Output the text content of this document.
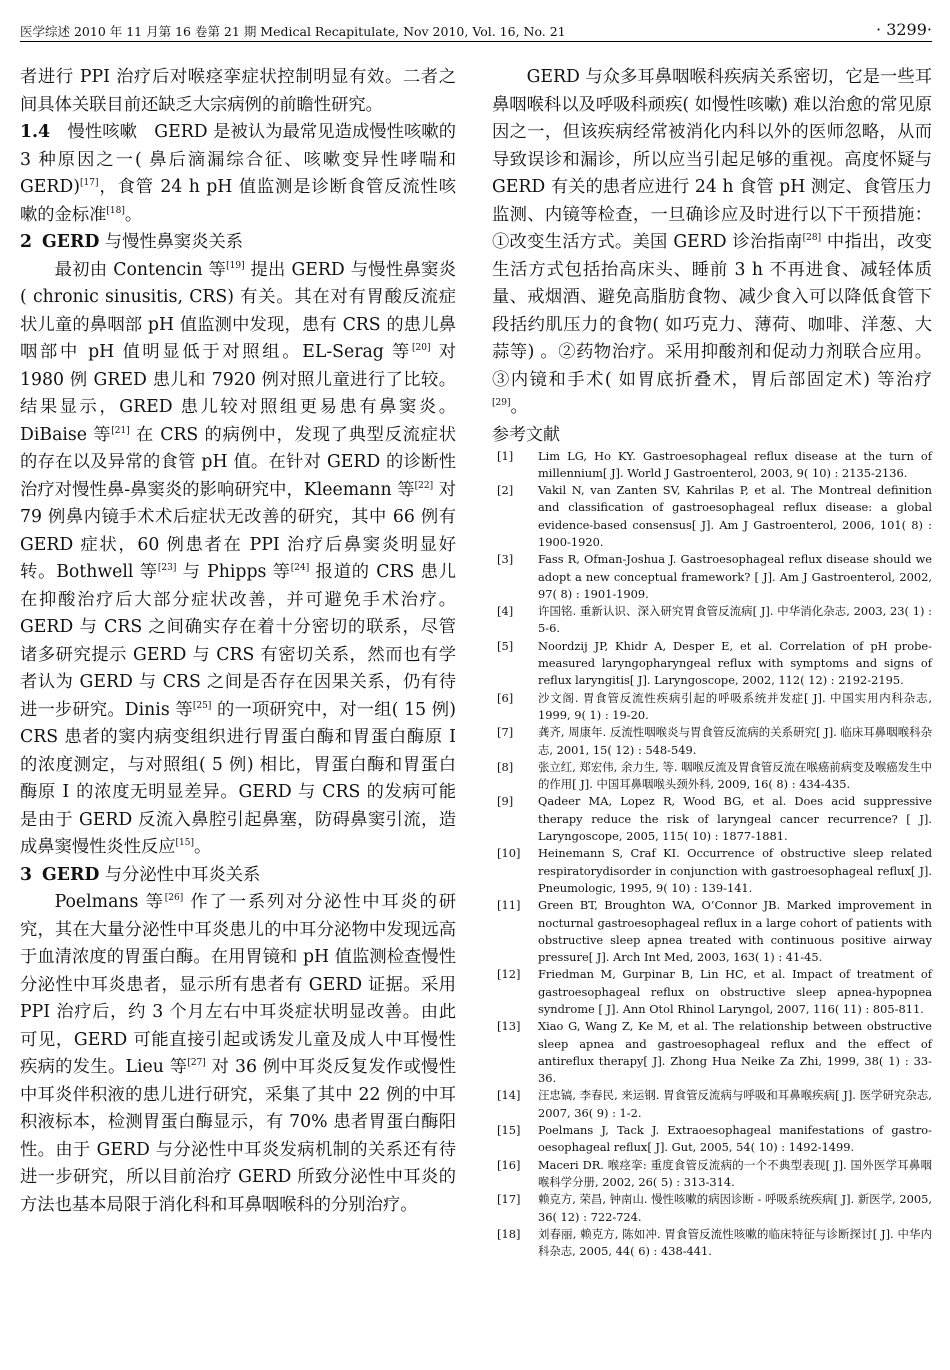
医学综述 2010 年 11 月第 16 卷第 21 期 Medical Recapitulate, Nov 2010, Vol. 16, No. 21	· 3299·

者进行 PPI 治疗后对喉痉挛症状控制明显有效。二者之间具体关联目前还缺乏大宗病例的前瞻性研究。

1.4　 慢性咳嗽　GERD 是被认为最常见造成慢性咳嗽的 3 种原因之一( 鼻后滴漏综合征、咳嗽变异性哮喘和 GERD)[17]，食管 24 h pH 值监测是诊断食管反流性咳嗽的金标准[18]。

2 GERD 与慢性鼻窦炎关系

最初由 Contencin 等[19] 提出 GERD 与慢性鼻窦炎( chronic sinusitis, CRS) 有关。其在对有胃酸反流症状儿童的鼻咽部 pH 值监测中发现，患有 CRS 的患儿鼻咽部中 pH 值明显低于对照组。EL-Serag 等[20] 对 1980 例 GRED 患儿和 7920 例对照儿童进行了比较。结果显示，GRED 患儿较对照组更易患有鼻窦炎。DiBaise 等[21] 在 CRS 的病例中，发现了典型反流症状的存在以及异常的食管 pH 值。在针对 GERD 的诊断性治疗对慢性鼻-鼻窦炎的影响研究中，Kleemann 等[22] 对 79 例鼻内镜手术术后症状无改善的研究，其中 66 例有 GERD 症状，60 例患者在 PPI 治疗后鼻窦炎明显好转。Bothwell 等[23] 与 Phipps 等[24] 报道的 CRS 患儿在抑酸治疗后大部分症状改善，并可避免手术治疗。GERD 与 CRS 之间确实存在着十分密切的联系，尽管诸多研究提示 GERD 与 CRS 有密切关系，然而也有学者认为 GERD 与 CRS 之间是否存在因果关系，仍有待进一步研究。Dinis 等[25] 的一项研究中，对一组( 15 例) CRS 患者的窦内病变组织进行胃蛋白酶和胃蛋白酶原 Ⅰ 的浓度测定，与对照组( 5 例) 相比，胃蛋白酶和胃蛋白酶原 Ⅰ 的浓度无明显差异。GERD 与 CRS 的发病可能是由于 GERD 反流入鼻腔引起鼻塞，防碍鼻窦引流，造成鼻窦慢性炎性反应[15]。

3 GERD 与分泌性中耳炎关系

Poelmans 等[26] 作了一系列对分泌性中耳炎的研究，其在大量分泌性中耳炎患儿的中耳分泌物中发现远高于血清浓度的胃蛋白酶。在用胃镜和 pH 值监测检查慢性分泌性中耳炎患者，显示所有患者有 GERD 证据。采用 PPI 治疗后，约 3 个月左右中耳炎症状明显改善。由此可见，GERD 可能直接引起或诱发儿童及成人中耳慢性疾病的发生。Lieu 等[27] 对 36 例中耳炎反复发作或慢性中耳炎伴积液的患儿进行研究，采集了其中 22 例的中耳积液标本，检测胃蛋白酶显示，有 70% 患者胃蛋白酶阳性。由于 GERD 与分泌性中耳炎发病机制的关系还有待进一步研究，所以目前治疗 GERD 所致分泌性中耳炎的方法也基本局限于消化科和耳鼻咽喉科的分别治疗。

GERD 与众多耳鼻咽喉科疾病关系密切，它是一些耳鼻咽喉科以及呼吸科顽疾( 如慢性咳嗽) 难以治愈的常见原因之一，但该疾病经常被消化内科以外的医师忽略，从而导致误诊和漏诊，所以应当引起足够的重视。高度怀疑与 GERD 有关的患者应进行 24 h 食管 pH 测定、食管压力监测、内镜等检查，一旦确诊应及时进行以下干预措施：①改变生活方式。美国 GERD 诊治指南[28] 中指出，改变生活方式包括抬高床头、睡前 3 h 不再进食、减轻体质量、戒烟酒、避免高脂肪食物、减少食入可以降低食管下段括约肌压力的食物( 如巧克力、薄荷、咖啡、洋葱、大蒜等) 。②药物治疗。采用抑酸剂和促动力剂联合应用。③内镜和手术( 如胃底折叠术，胃后部固定术) 等治疗[29]。

参考文献

[1] Lim LG, Ho KY. Gastroesophageal reflux disease at the turn of millennium[ J]. World J Gastroenterol, 2003, 9( 10) : 2135-2136.
[2] Vakil N, van Zanten SV, Kahrilas P, et al. The Montreal definition and classification of gastroesophageal reflux disease: a global evidence-based consensus[ J]. Am J Gastroenterol, 2006, 101( 8) : 1900-1920.
[3] Fass R, Ofman-Joshua J. Gastroesophageal reflux disease should we adopt a new conceptual framework? [ J]. Am J Gastroenterol, 2002, 97( 8) : 1901-1909.
[4] 许国铭. 重新认识、深入研究胃食管反流病[ J]. 中华消化杂志, 2003, 23( 1) : 5-6.
[5] Noordzij JP, Khidr A, Desper E, et al. Correlation of pH probe-measured laryngopharyngeal reflux with symptoms and signs of reflux laryngitis[ J]. Laryngoscope, 2002, 112( 12) : 2192-2195.
[6] 沙文阁. 胃食管反流性疾病引起的呼吸系统并发症[ J]. 中国实用内科杂志, 1999, 9( 1) : 19-20.
[7] 龚齐, 周康年. 反流性咽喉炎与胃食管反流病的关系研究[ J]. 临床耳鼻咽喉科杂志, 2001, 15( 12) : 548-549.
[8] 张立红, 郑宏伟, 余力生, 等. 咽喉反流及胃食管反流在喉癌前病变及喉癌发生中的作用[ J]. 中国耳鼻咽喉头颈外科, 2009, 16( 8) : 434-435.
[9] Qadeer MA, Lopez R, Wood BG, et al. Does acid suppressive therapy reduce the risk of laryngeal cancer recurrence? [ J]. Laryngoscope, 2005, 115( 10) : 1877-1881.
[10] Heinemann S, Craf KI. Occurrence of obstructive sleep related respiratorydisorder in conjunction with gastroesophageal reflux[ J]. Pneumologic, 1995, 9( 10) : 139-141.
[11] Green BT, Broughton WA, O’Connor JB. Marked improvement in nocturnal gastroesophageal reflux in a large cohort of patients with obstructive sleep apnea treated with continuous positive airway pressure[ J]. Arch Int Med, 2003, 163( 1) : 41-45.
[12] Friedman M, Gurpinar B, Lin HC, et al. Impact of treatment of gastroesophageal reflux on obstructive sleep apnea-hypopnea syndrome [ J]. Ann Otol Rhinol Laryngol, 2007, 116( 11) : 805-811.
[13] Xiao G, Wang Z, Ke M, et al. The relationship between obstructive sleep apnea and gastroesophageal reflux and the effect of antireflux therapy[ J]. Zhong Hua Neike Za Zhi, 1999, 38( 1) : 33-36.
[14] 汪忠镐, 李春民, 来运钢. 胃食管反流病与呼吸和耳鼻喉疾病[ J]. 医学研究杂志, 2007, 36( 9) : 1-2.
[15] Poelmans J, Tack J. Extraoesophageal manifestations of gastro-oesophageal reflux[ J]. Gut, 2005, 54( 10) : 1492-1499.
[16] Maceri DR. 喉痉挛: 重度食管反流病的一个不典型表现[ J]. 国外医学耳鼻咽喉科学分册, 2002, 26( 5) : 313-314.
[17] 赖克方, 荣昌, 钟南山. 慢性咳嗽的病因诊断 - 呼吸系统疾病[ J]. 新医学, 2005, 36( 12) : 722-724.
[18] 刘春丽, 赖克方, 陈如冲. 胃食管反流性咳嗽的临床特征与诊断探讨[ J]. 中华内科杂志, 2005, 44( 6) : 438-441.
